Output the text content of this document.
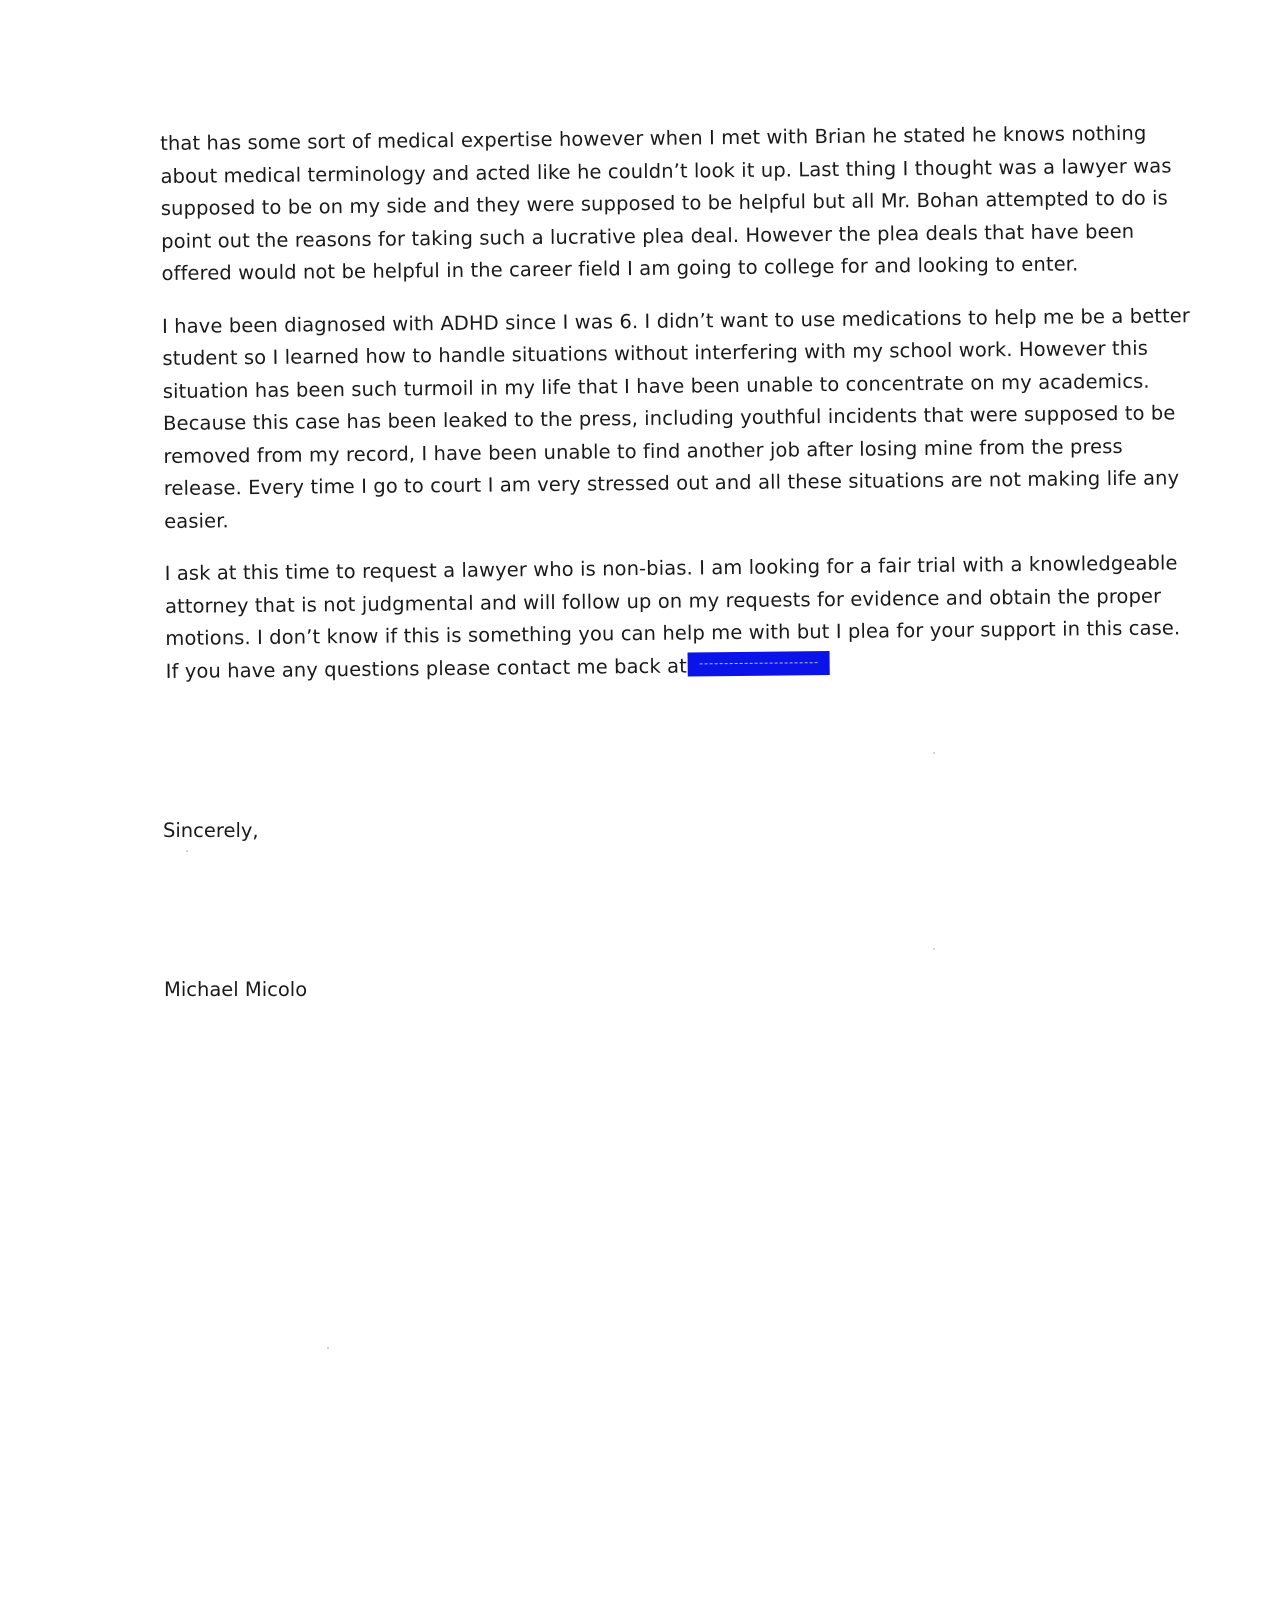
that has some sort of medical expertise however when I met with Brian he stated he knows nothing
about medical terminology and acted like he couldn’t look it up. Last thing I thought was a lawyer was
supposed to be on my side and they were supposed to be helpful but all Mr. Bohan attempted to do is
point out the reasons for taking such a lucrative plea deal. However the plea deals that have been
offered would not be helpful in the career field I am going to college for and looking to enter.

I have been diagnosed with ADHD since I was 6. I didn’t want to use medications to help me be a better
student so I learned how to handle situations without interfering with my school work. However this
situation has been such turmoil in my life that I have been unable to concentrate on my academics.
Because this case has been leaked to the press, including youthful incidents that were supposed to be
removed from my record, I have been unable to find another job after losing mine from the press
release. Every time I go to court I am very stressed out and all these situations are not making life any
easier.

I ask at this time to request a lawyer who is non-bias. I am looking for a fair trial with a knowledgeable
attorney that is not judgmental and will follow up on my requests for evidence and obtain the proper
motions. I don’t know if this is something you can help me with but I plea for your support in this case.
If you have any questions please contact me back at

Sincerely,
Michael Micolo
